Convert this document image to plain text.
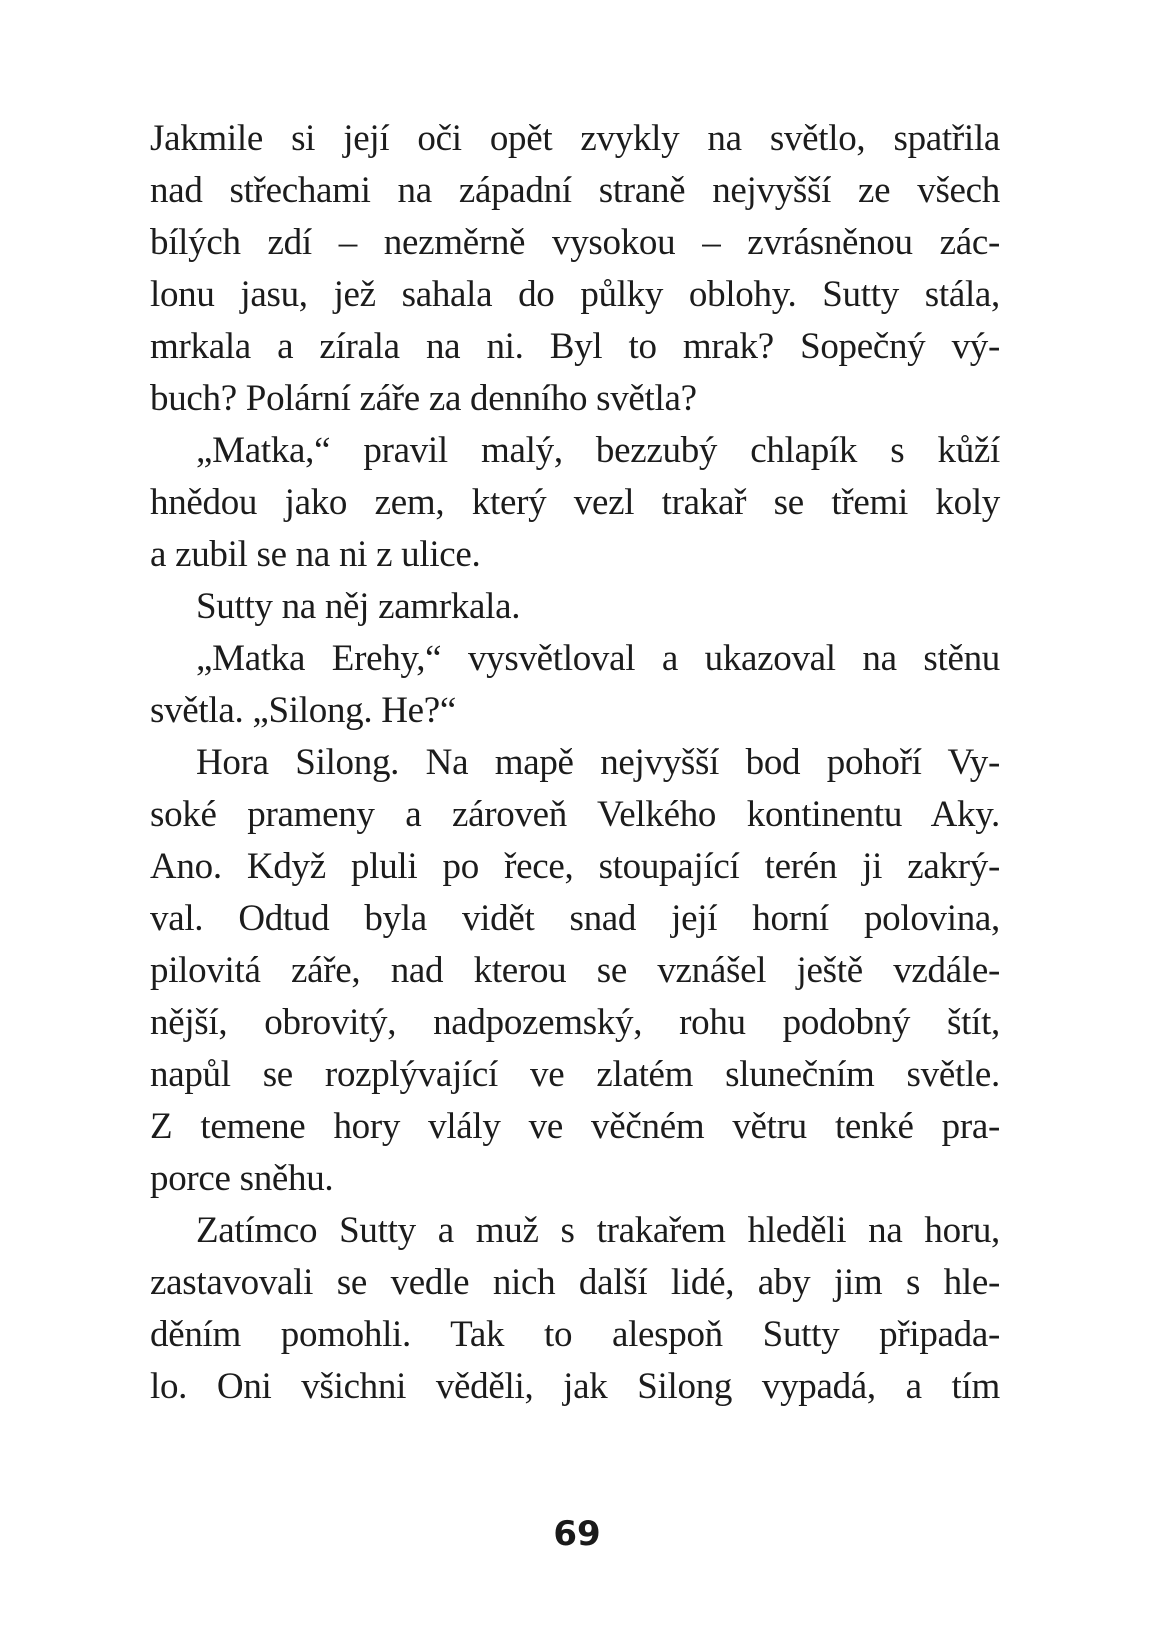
Jakmile si její oči opět zvykly na světlo, spatřila
nad střechami na západní straně nejvyšší ze všech
bílých zdí – nezměrně vysokou – zvrásněnou zác-
lonu jasu, jež sahala do půlky oblohy. Sutty stála,
mrkala a zírala na ni. Byl to mrak? Sopečný vý-
buch? Polární záře za denního světla?
„Matka,“ pravil malý, bezzubý chlapík s kůží
hnědou jako zem, který vezl trakař se třemi koly
a zubil se na ni z ulice.
Sutty na něj zamrkala.
„Matka Erehy,“ vysvětloval a ukazoval na stěnu
světla. „Silong. He?“
Hora Silong. Na mapě nejvyšší bod pohoří Vy-
soké prameny a zároveň Velkého kontinentu Aky.
Ano. Když pluli po řece, stoupající terén ji zakrý-
val. Odtud byla vidět snad její horní polovina,
pilovitá záře, nad kterou se vznášel ještě vzdále-
nější, obrovitý, nadpozemský, rohu podobný štít,
napůl se rozplývající ve zlatém slunečním světle.
Z temene hory vlály ve věčném větru tenké pra-
porce sněhu.
Zatímco Sutty a muž s trakařem hleděli na horu,
zastavovali se vedle nich další lidé, aby jim s hle-
děním pomohli. Tak to alespoň Sutty připada-
lo. Oni všichni věděli, jak Silong vypadá, a tím
69
